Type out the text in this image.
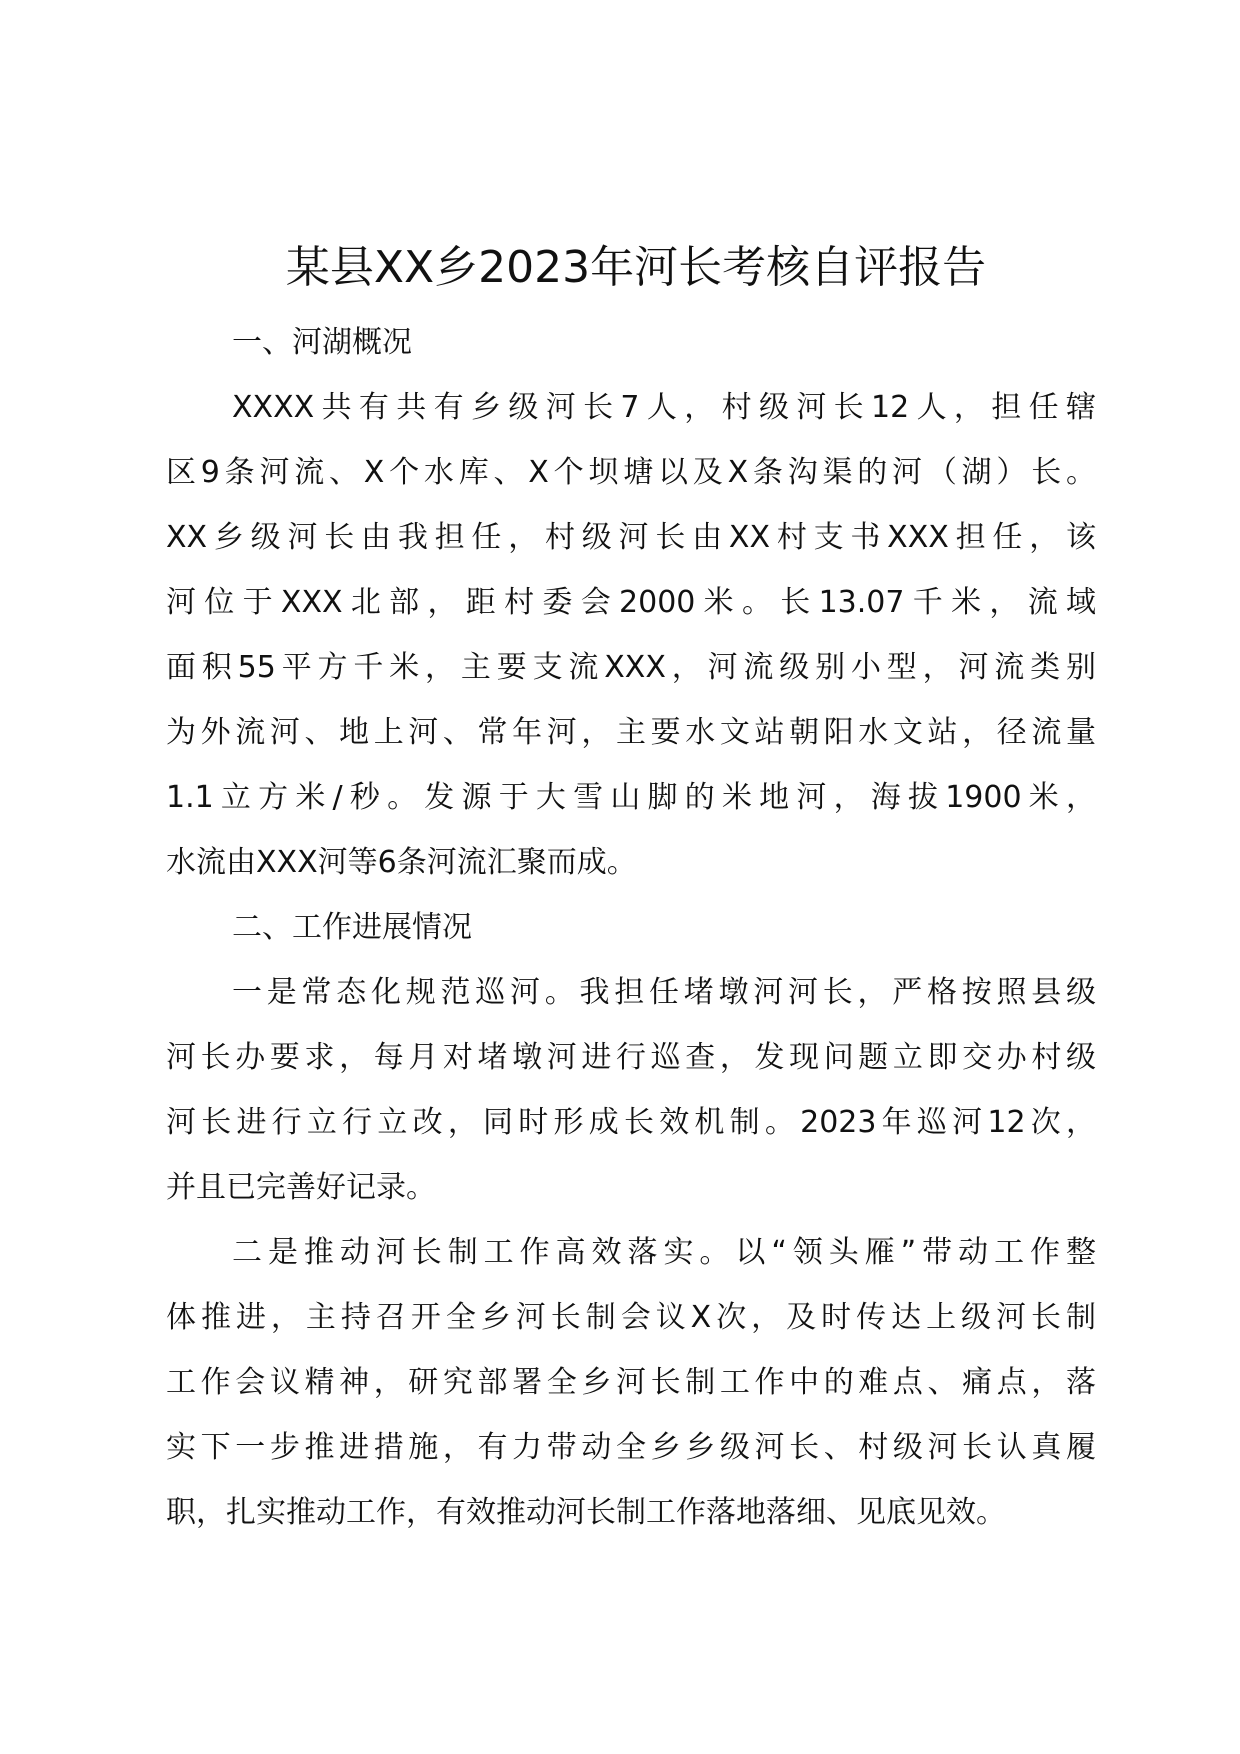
某县XX乡2023年河长考核自评报告

一、河湖概况

XXXX共有共有乡级河长7人，村级河长12人，担任辖
区9条河流、X个水库、X个坝塘以及X条沟渠的河（湖）长。
XX乡级河长由我担任，村级河长由XX村支书XXX担任，该
河位于XXX北部，距村委会2000米。长13.07千米，流域
面积55平方千米，主要支流XXX，河流级别小型，河流类别
为外流河、地上河、常年河，主要水文站朝阳水文站，径流量
1.1立方米/秒。发源于大雪山脚的米地河，海拔1900米，
水流由XXX河等6条河流汇聚而成。

二、工作进展情况

一是常态化规范巡河。我担任堵墩河河长，严格按照县级
河长办要求，每月对堵墩河进行巡查，发现问题立即交办村级
河长进行立行立改，同时形成长效机制。2023年巡河12次，
并且已完善好记录。
二是推动河长制工作高效落实。以“领头雁”带动工作整
体推进，主持召开全乡河长制会议X次，及时传达上级河长制
工作会议精神，研究部署全乡河长制工作中的难点、痛点，落
实下一步推进措施，有力带动全乡乡级河长、村级河长认真履
职，扎实推动工作，有效推动河长制工作落地落细、见底见效。
